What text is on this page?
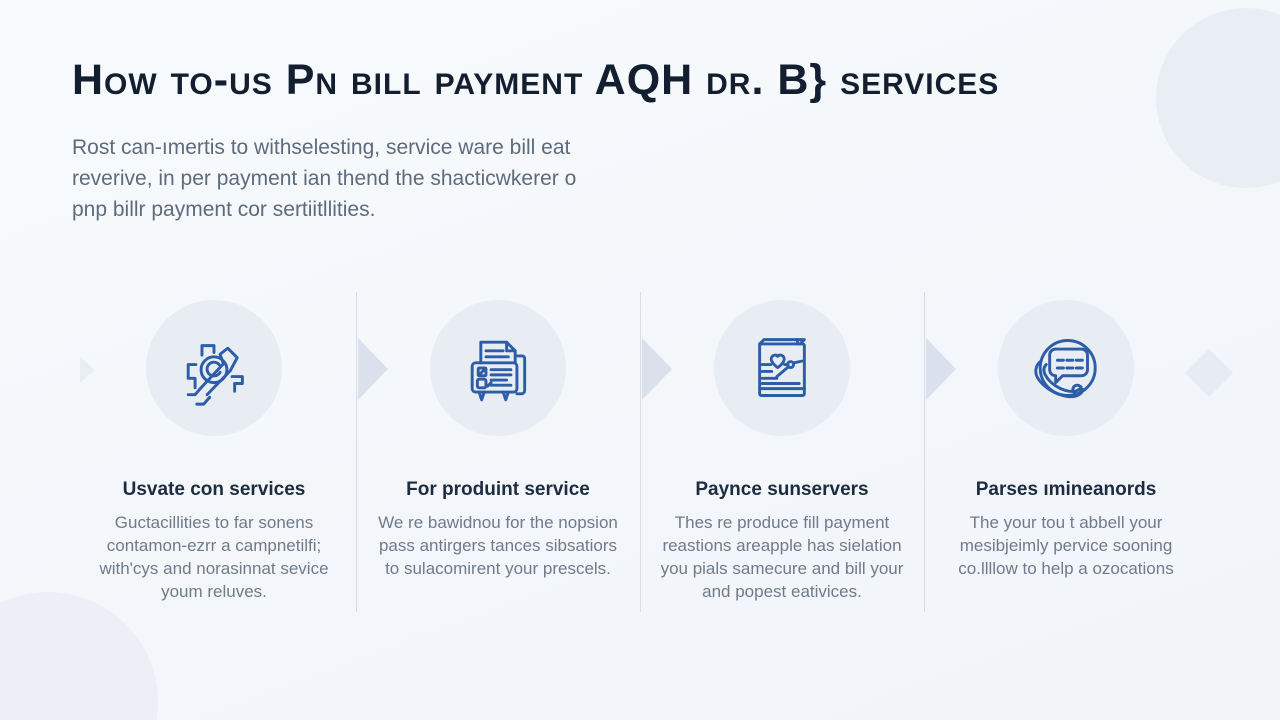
How to-us Pn bill payment AQH dr. B} services

Rost can-ımertis to withselesting, service ware bill eat reverive, in per payment ian thend the shacticwkerer o pnp billr payment cor sertiitllities.

Usvate con services

Guctacillities to far sonens contamon-ezrr a campnetilfi; with'cys and norasinnat sevice youm reluves.

For produint service

We re bawidnou for the nopsion pass antirgers tances sibsatiors to sulacomirent your prescels.

Paynce sunservers

Thes re produce fill payment reastions areapple has sielation you pials samecure and bill your and popest eativices.

Parses ımineanords

The your tou t abbell your mesibjeimly pervice sooning co.llllow to help a ozocations
